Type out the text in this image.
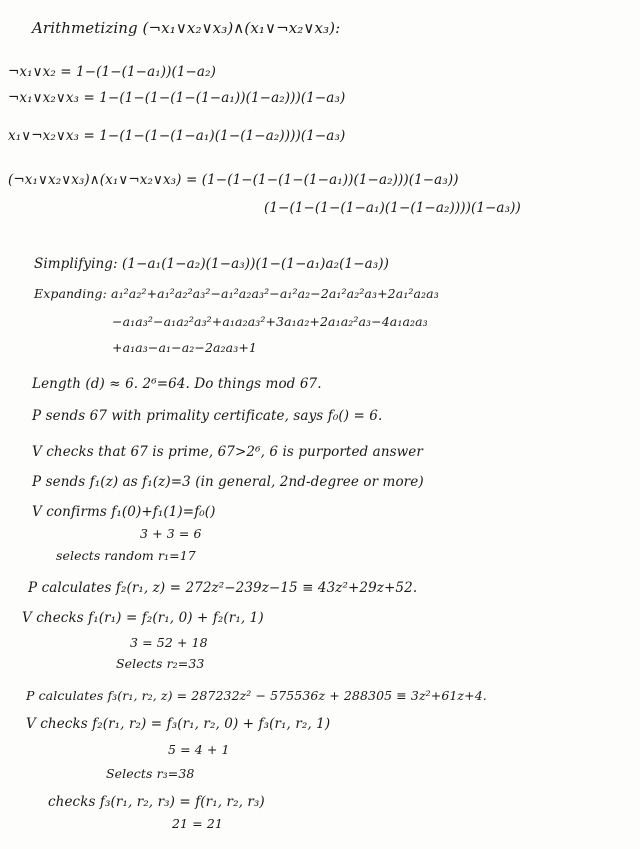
Arithmetizing (¬x₁∨x₂∨x₃)∧(x₁∨¬x₂∨x₃):
¬x₁∨x₂ = 1−(1−(1−a₁))(1−a₂)
¬x₁∨x₂∨x₃ = 1−(1−(1−(1−(1−a₁))(1−a₂)))(1−a₃)
x₁∨¬x₂∨x₃ = 1−(1−(1−(1−a₁)(1−(1−a₂))))(1−a₃)
(¬x₁∨x₂∨x₃)∧(x₁∨¬x₂∨x₃) = (1−(1−(1−(1−(1−a₁))(1−a₂)))(1−a₃))
(1−(1−(1−(1−a₁)(1−(1−a₂))))(1−a₃))
Simplifying: (1−a₁(1−a₂)(1−a₃))(1−(1−a₁)a₂(1−a₃))
Expanding: a₁²a₂²+a₁²a₂²a₃²−a₁²a₂a₃²−a₁²a₂−2a₁²a₂²a₃+2a₁²a₂a₃
−a₁a₃²−a₁a₂²a₃²+a₁a₂a₃²+3a₁a₂+2a₁a₂²a₃−4a₁a₂a₃
+a₁a₃−a₁−a₂−2a₂a₃+1
Length (d) ≈ 6. 2⁶=64. Do things mod 67.
P sends 67 with primality certificate, says f₀() = 6.
V checks that 67 is prime, 67>2⁶, 6 is purported answer
P sends f₁(z) as f₁(z)=3 (in general, 2nd-degree or more)
V confirms f₁(0)+f₁(1)=f₀()
3 + 3 = 6
selects random r₁=17
P calculates f₂(r₁, z) = 272z²−239z−15 ≡ 43z²+29z+52.
V checks f₁(r₁) = f₂(r₁, 0) + f₂(r₁, 1)
3 = 52 + 18
Selects r₂=33
P calculates f₃(r₁, r₂, z) = 287232z² − 575536z + 288305 ≡ 3z²+61z+4.
V checks f₂(r₁, r₂) = f₃(r₁, r₂, 0) + f₃(r₁, r₂, 1)
5 = 4 + 1
Selects r₃=38
checks f₃(r₁, r₂, r₃) = f(r₁, r₂, r₃)
21 = 21
